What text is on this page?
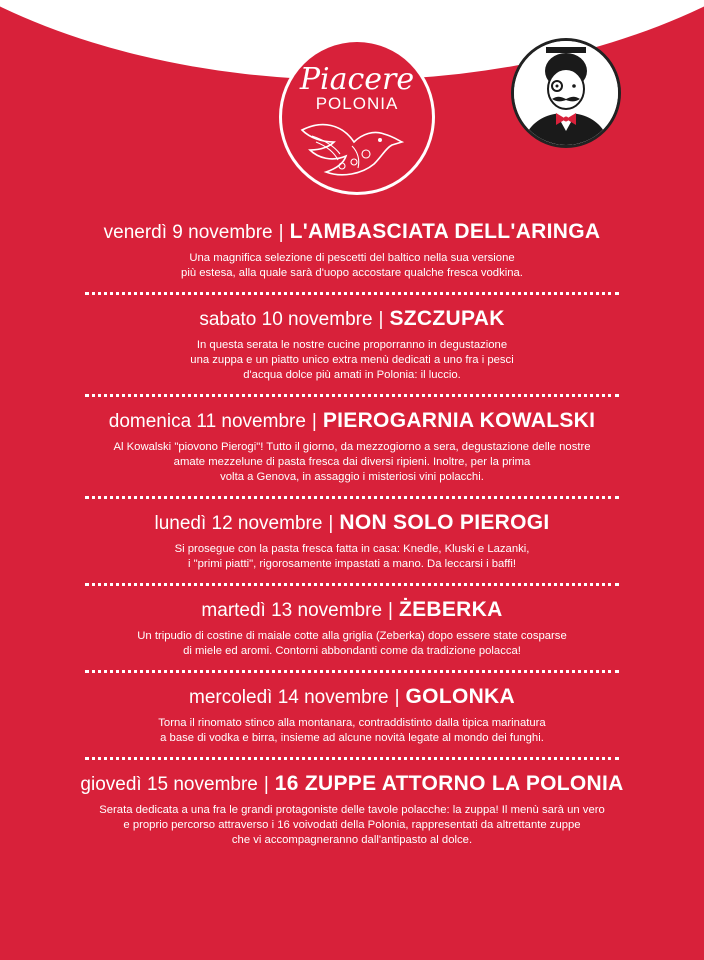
Piacere
POLONIA
venerdì 9 novembre | L'AMBASCIATA DELL'ARINGA
Una magnifica selezione di pescetti del baltico nella sua versione
più estesa, alla quale sarà d'uopo accostare qualche fresca vodkina.
sabato 10 novembre | SZCZUPAK
In questa serata le nostre cucine proporranno in degustazione
una zuppa e un piatto unico extra menù dedicati a uno fra i pesci
d'acqua dolce più amati in Polonia: il luccio.
domenica 11 novembre | PIEROGARNIA KOWALSKI
Al Kowalski "piovono Pierogi"! Tutto il giorno, da mezzogiorno a sera, degustazione delle nostre
amate mezzelune di pasta fresca dai diversi ripieni. Inoltre, per la prima
volta a Genova, in assaggio i misteriosi vini polacchi.
lunedì 12 novembre | NON SOLO PIEROGI
Si prosegue con la pasta fresca fatta in casa: Knedle, Kluski e Lazanki,
i "primi piatti", rigorosamente impastati a mano. Da leccarsi i baffi!
martedì 13 novembre | ŻEBERKA
Un tripudio di costine di maiale cotte alla griglia (Zeberka) dopo essere state cosparse
di miele ed aromi. Contorni abbondanti come da tradizione polacca!
mercoledì 14 novembre | GOLONKA
Torna il rinomato stinco alla montanara, contraddistinto dalla tipica marinatura
a base di vodka e birra, insieme ad alcune novità legate al mondo dei funghi.
giovedì 15 novembre | 16 ZUPPE ATTORNO LA POLONIA
Serata dedicata a una fra le grandi protagoniste delle tavole polacche: la zuppa! Il menù sarà un vero
e proprio percorso attraverso i 16 voivodati della Polonia, rappresentati da altrettante zuppe
che vi accompagneranno dall'antipasto al dolce.
